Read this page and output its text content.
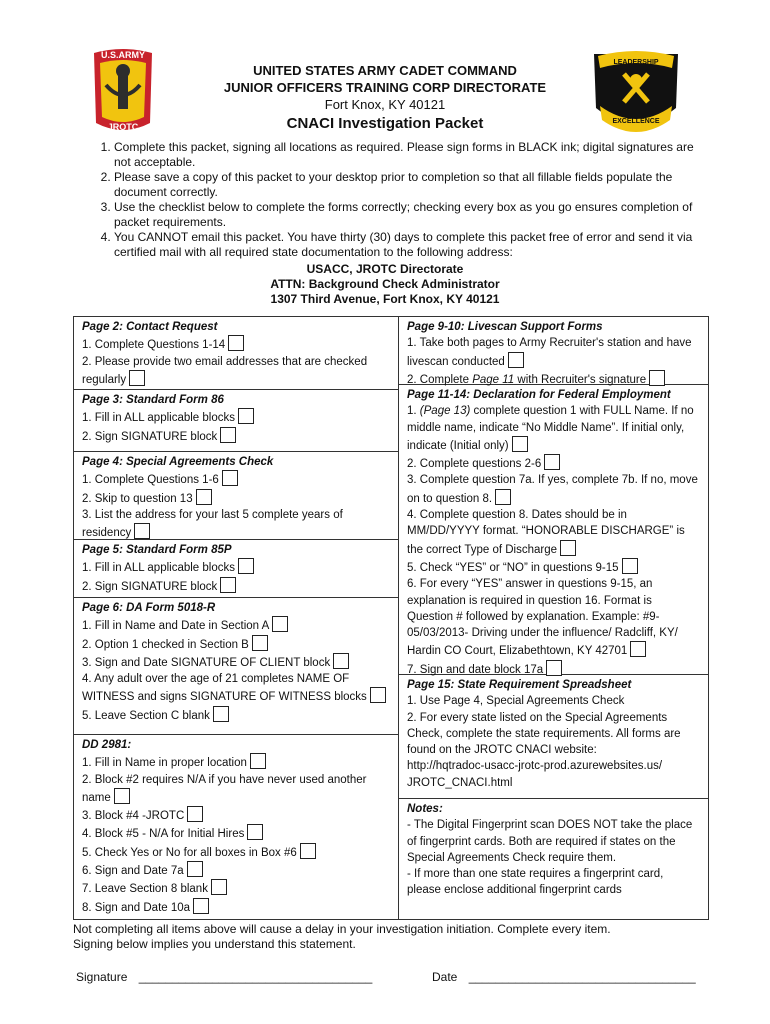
U.S.ARMY
JROTC
LEADERSHIP
EXCELLENCE
UNITED STATES ARMY CADET COMMAND
JUNIOR OFFICERS TRAINING CORP DIRECTORATE
Fort Knox, KY 40121
CNACI Investigation Packet
1. Complete this packet, signing all locations as required. Please sign forms in BLACK ink; digital signatures are not acceptable.
2. Please save a copy of this packet to your desktop prior to completion so that all fillable fields populate the document correctly.
3. Use the checklist below to complete the forms correctly; checking every box as you go ensures completion of packet requirements.
4. You CANNOT email this packet. You have thirty (30) days to complete this packet free of error and send it via certified mail with all required state documentation to the following address:
USACC, JROTC Directorate
ATTN: Background Check Administrator
1307 Third Avenue, Fort Knox, KY 40121
Page 2: Contact Request

1. Complete Questions 1-14

2. Please provide two email addresses that are checked regularly

Page 3: Standard Form 86

1. Fill in ALL applicable blocks

2. Sign SIGNATURE block

Page 4: Special Agreements Check

1. Complete Questions 1-6

2. Skip to question 13

3. List the address for your last 5 complete years of residency

Page 5: Standard Form 85P

1. Fill in ALL applicable blocks

2. Sign SIGNATURE block

Page 6: DA Form 5018-R

1. Fill in Name and Date in Section A

2. Option 1 checked in Section B

3. Sign and Date SIGNATURE OF CLIENT block

4. Any adult over the age of 21 completes NAME OF WITNESS and signs SIGNATURE OF WITNESS blocks

5. Leave Section C blank

DD 2981:

1. Fill in Name in proper location

2. Block #2 requires N/A if you have never used another name

3. Block #4 -JROTC

4. Block #5 - N/A for Initial Hires

5. Check Yes or No for all boxes in Box #6

6. Sign and Date 7a

7. Leave Section 8 blank

8. Sign and Date 10a

Page 9-10: Livescan Support Forms

1. Take both pages to Army Recruiter's station and have livescan conducted

2. Complete Page 11 with Recruiter's signature

Page 11-14: Declaration for Federal Employment

1. (Page 13) complete question 1 with FULL Name. If no middle name, indicate “No Middle Name”. If initial only, indicate (Initial only)

2. Complete questions 2-6

3. Complete question 7a. If yes, complete 7b. If no, move on to question 8.

4. Complete question 8. Dates should be in MM/DD/YYYY format. “HONORABLE DISCHARGE” is the correct Type of Discharge

5. Check “YES” or “NO” in questions 9-15

6. For every “YES” answer in questions 9-15, an explanation is required in question 16. Format is Question # followed by explanation. Example: #9- 05/03/2013- Driving under the influence/ Radcliff, KY/ Hardin CO Court, Elizabethtown, KY 42701

7. Sign and date block 17a

Page 15: State Requirement Spreadsheet

1. Use Page 4, Special Agreements Check

2. For every state listed on the Special Agreements Check, complete the state requirements. All forms are found on the JROTC CNACI website:

http://hqtradoc-usacc-jrotc-prod.azurewebsites.us/ JROTC_CNACI.html

Notes:

- The Digital Fingerprint scan DOES NOT take the place of fingerprint cards. Both are required if states on the Special Agreements Check require them.

- If more than one state requires a fingerprint card, please enclose additional fingerprint cards

Not completing all items above will cause a delay in your investigation initiation. Complete every item.
Signing below implies you understand this statement.
Signature ___________________________________	Date __________________________________
